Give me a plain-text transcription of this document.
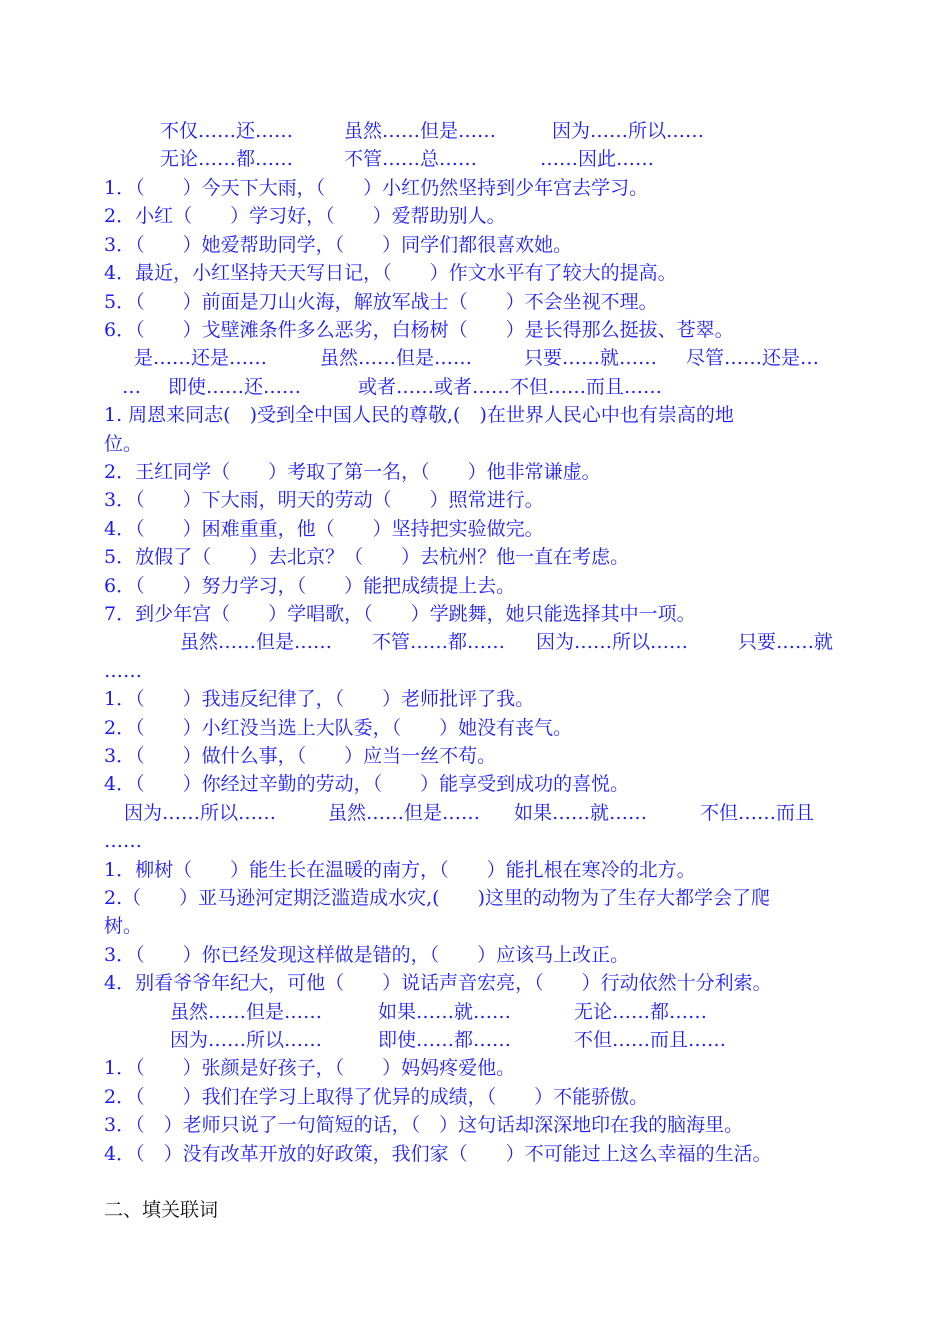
不仅……还……

	虽然……但是……

	因为……所以……

无论……都……

	不管……总……

	……因此……

1．（　　）今天下大雨，（　　）小红仍然坚持到少年宫去学习。
2．小红（　　）学习好，（　　）爱帮助别人。
3．（　　）她爱帮助同学，（　　）同学们都很喜欢她。
4．最近，小红坚持天天写日记，（　　）作文水平有了较大的提高。
5．（　　）前面是刀山火海，解放军战士（　　）不会坐视不理。
6．（　　）戈壁滩条件多么恶劣，白杨树（　　）是长得那么挺拔、苍翠。

是……还是……

	虽然……但是……

	只要……就……

尽管……还是…

…

即使……还……

	或者……或者……不但……而且……

1. 周恩来同志(　)受到全中国人民的尊敬,(　)在世界人民心中也有崇高的地
位。
2．王红同学（　　）考取了第一名，（　　）他非常谦虚。
3．（　　）下大雨，明天的劳动（　　）照常进行。
4．（　　）困难重重，他（　　）坚持把实验做完。
5．放假了（　　）去北京？（　　）去杭州？他一直在考虑。
6．（　　）努力学习，（　　）能把成绩提上去。
7．到少年宫（　　）学唱歌，（　　）学跳舞，她只能选择其中一项。

虽然……但是……

不管……都……

因为……所以……

	只要……就

……

1．（　　）我违反纪律了，（　　）老师批评了我。
2．（　　）小红没当选上大队委，（　　）她没有丧气。
3．（　　）做什么事，（　　）应当一丝不苟。
4．（　　）你经过辛勤的劳动，（　　）能享受到成功的喜悦。

因为……所以……

	虽然……但是……

如果……就……

	不但……而且

……

1．柳树（　　）能生长在温暖的南方，（　　）能扎根在寒冷的北方。
2.（　　）亚马逊河定期泛滥造成水灾,(　　)这里的动物为了生存大都学会了爬
树。
3．（　　）你已经发现这样做是错的，（　　）应该马上改正。
4．别看爷爷年纪大，可他（　　）说话声音宏亮，（　　）行动依然十分利索。

虽然……但是……

	如果……就……

	无论……都……

因为……所以……

	即使……都……

	不但……而且……

1．（　　）张颜是好孩子，（　　）妈妈疼爱他。
2．（　　）我们在学习上取得了优异的成绩，（　　）不能骄傲。
3．（　）老师只说了一句简短的话，（　）这句话却深深地印在我的脑海里。
4．（　）没有改革开放的好政策，我们家（　　）不可能过上这么幸福的生活。
二、填关联词
